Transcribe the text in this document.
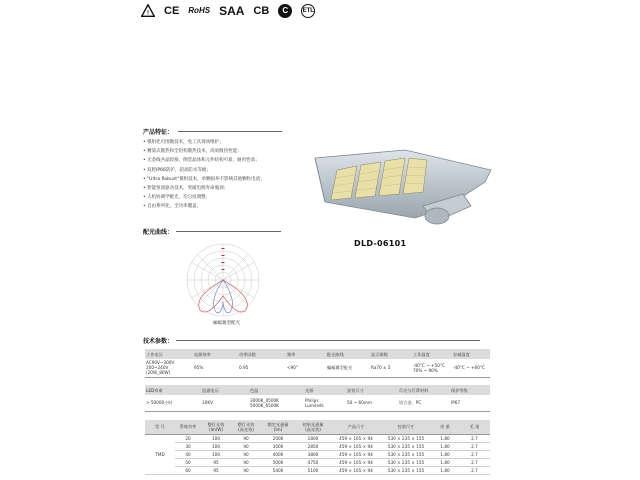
! CE RoHS SAA CB	C	ETL
产品特征：
• 模组化可围散技术，免工具现场维护；
• 精简式散热和全铝构散热技术，高效散热性能；
• 无金线共晶焊接，倒装晶体和元件结构可靠，耐用性高；
• 双腔IP66防护，超高防水等级；
• "Ultra Robust"模组技术，单颗损坏不影响其他颗粒电流；
• 智能恒流驱动技术，突破电源寿命瓶颈；
• 人机协调学配光，均匀度调整；
• 自由系列化，全功率覆盖；
DLD-06101
配光曲线：
蝙蝠翼型配光
技术参数：
工作电压	电源效率	功率因数	频率	配光曲线	显示指数	工作温度	存储温度
AC90V~300V
200~240V
(20W_80W)	95%	0.95	<90°	蝙蝠翼型配光	Ra70 ± 5	-40°C ~ +50°C
70% ~ 90%	-40°C ~ +60°C
LED寿命	浪涌电压	色温	光源	安装尺寸	灯壳与灯罩材料	保护等级
> 50000小时	10KV	3000K_4500K
5000K_6500K	Philips
Lumileds	50 ~ 60mm	铝合金、PC	IP67
型 号	系统功率	整灯光效
(lm/W)	整灯光效
(高光效)	额定光通量
(lm)	初始光通量
(高光效)	产品尺寸	包装尺寸	净 重	毛 重
TMD	20	100	90	2000	1800	459 × 165 × 94	530 × 235 × 155	1.80	2.7
	30	100	90	3000	2850	459 × 165 × 94	530 × 235 × 155	1.80	2.7
	40	100	90	4000	3800	459 × 165 × 94	530 × 235 × 155	1.80	2.7
	50	95	90	5000	4750	459 × 165 × 94	530 × 235 × 155	1.80	2.7
	60	95	90	5400	5100	459 × 165 × 94	530 × 235 × 155	1.80	2.7
